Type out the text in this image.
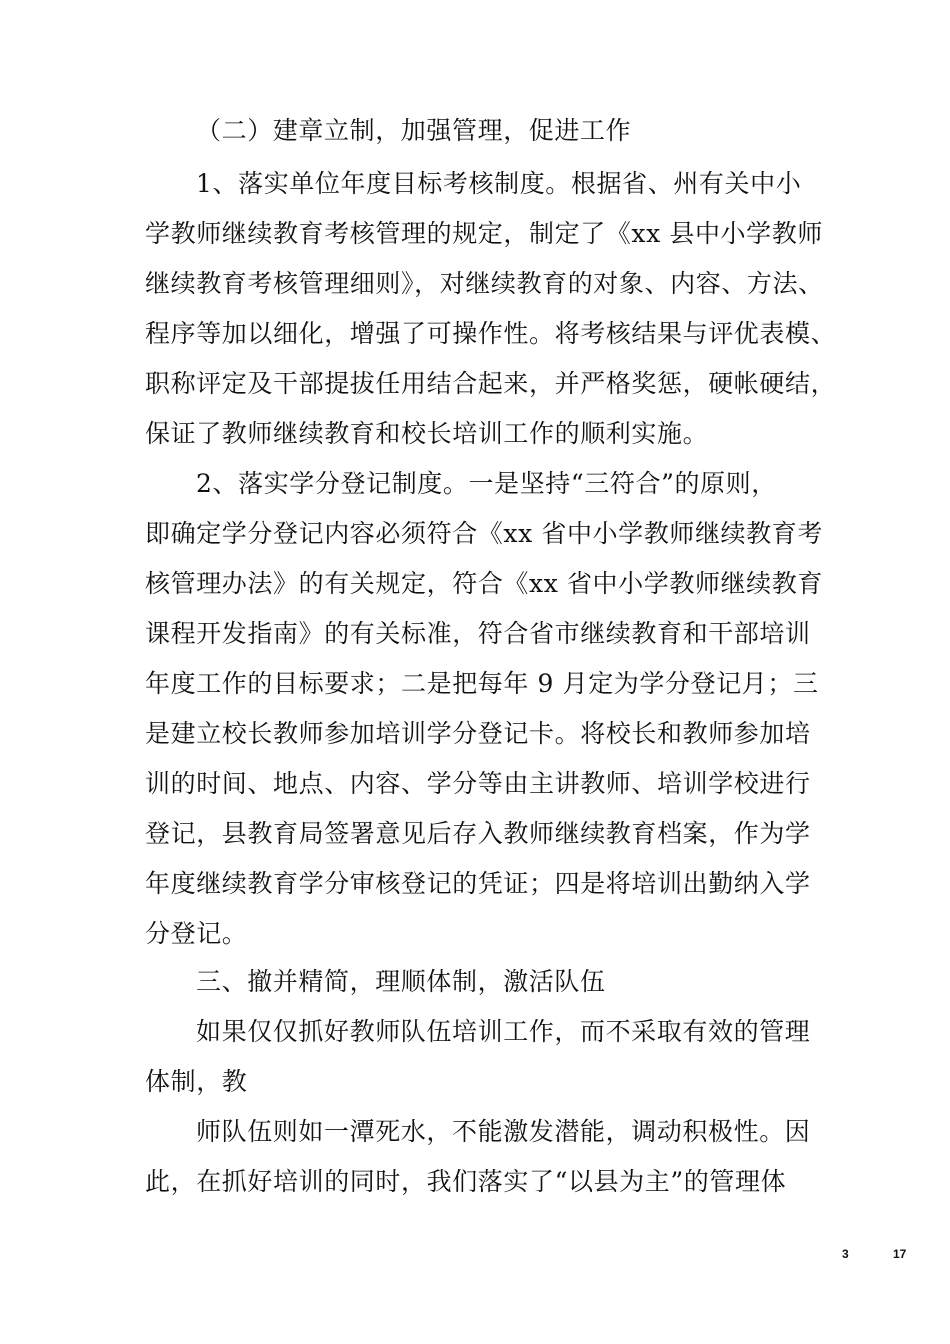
（二）建章立制，加强管理，促进工作
1、落实单位年度目标考核制度。根据省、州有关中小
学教师继续教育考核管理的规定，制定了《xx 县中小学教师
继续教育考核管理细则》，对继续教育的对象、内容、方法、
程序等加以细化，增强了可操作性。将考核结果与评优表模、
职称评定及干部提拔任用结合起来，并严格奖惩，硬帐硬结，
保证了教师继续教育和校长培训工作的顺利实施。
2、落实学分登记制度。一是坚持“三符合”的原则，
即确定学分登记内容必须符合《xx 省中小学教师继续教育考
核管理办法》的有关规定，符合《xx 省中小学教师继续教育
课程开发指南》的有关标准，符合省市继续教育和干部培训
年度工作的目标要求；二是把每年 9 月定为学分登记月；三
是建立校长教师参加培训学分登记卡。将校长和教师参加培
训的时间、地点、内容、学分等由主讲教师、培训学校进行
登记，县教育局签署意见后存入教师继续教育档案，作为学
年度继续教育学分审核登记的凭证；四是将培训出勤纳入学
分登记。
三、撤并精简，理顺体制，激活队伍
如果仅仅抓好教师队伍培训工作，而不采取有效的管理
体制，教
师队伍则如一潭死水，不能激发潜能，调动积极性。因
此，在抓好培训的同时，我们落实了“以县为主”的管理体
3	17
